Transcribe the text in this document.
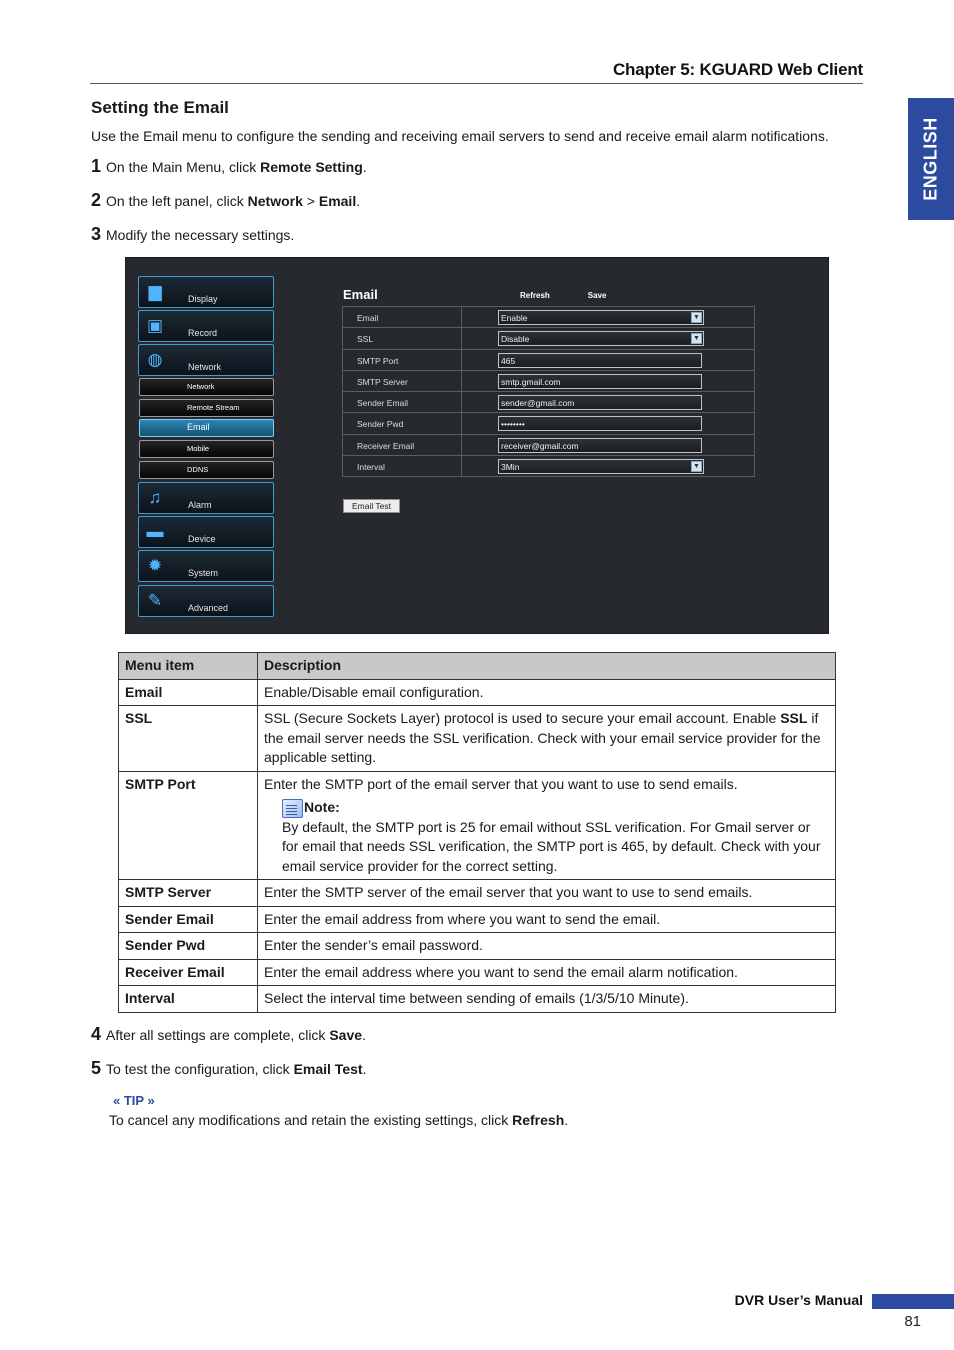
Chapter 5: KGUARD Web Client
ENGLISH
Setting the Email

Use the Email menu to configure the sending and receiving email servers to send and receive email alarm notifications.

1 On the Main Menu, click Remote Setting.
2 On the left panel, click Network > Email.
3 Modify the necessary settings.
▆	Display
▣	Record
◍	Network
Network
Remote Stream
Email
Mobile
DDNS
♫	Alarm
▬	Device
✹	System
✎	Advanced
Email	Refresh	Save
Email	Enable	▼
SSL	Disable	▼
SMTP Port	465
SMTP Server	smtp.gmail.com
Sender Email	sender@gmail.com
Sender Pwd	••••••••
Receiver Email	receiver@gmail.com
Interval	3Min	▼
Email Test
Menu item	Description
Email	Enable/Disable email configuration.
SSL	SSL (Secure Sockets Layer) protocol is used to secure your email account. Enable SSL if the email server needs the SSL verification. Check with your email service provider for the applicable setting.
SMTP Port	Enter the SMTP port of the email server that you want to use to send emails.
Note:
By default, the SMTP port is 25 for email without SSL verification. For Gmail server or for email that needs SSL verification, the SMTP port is 465, by default. Check with your email service provider for the correct setting.

SMTP Server	Enter the SMTP server of the email server that you want to use to send emails.
Sender Email	Enter the email address from where you want to send the email.
Sender Pwd	Enter the sender’s email password.
Receiver Email	Enter the email address where you want to send the email alarm notification.
Interval	Select the interval time between sending of emails (1/3/5/10 Minute).
4 After all settings are complete, click Save.
5 To test the configuration, click Email Test.
« TIP »
To cancel any modifications and retain the existing settings, click Refresh.
DVR User’s Manual
81
